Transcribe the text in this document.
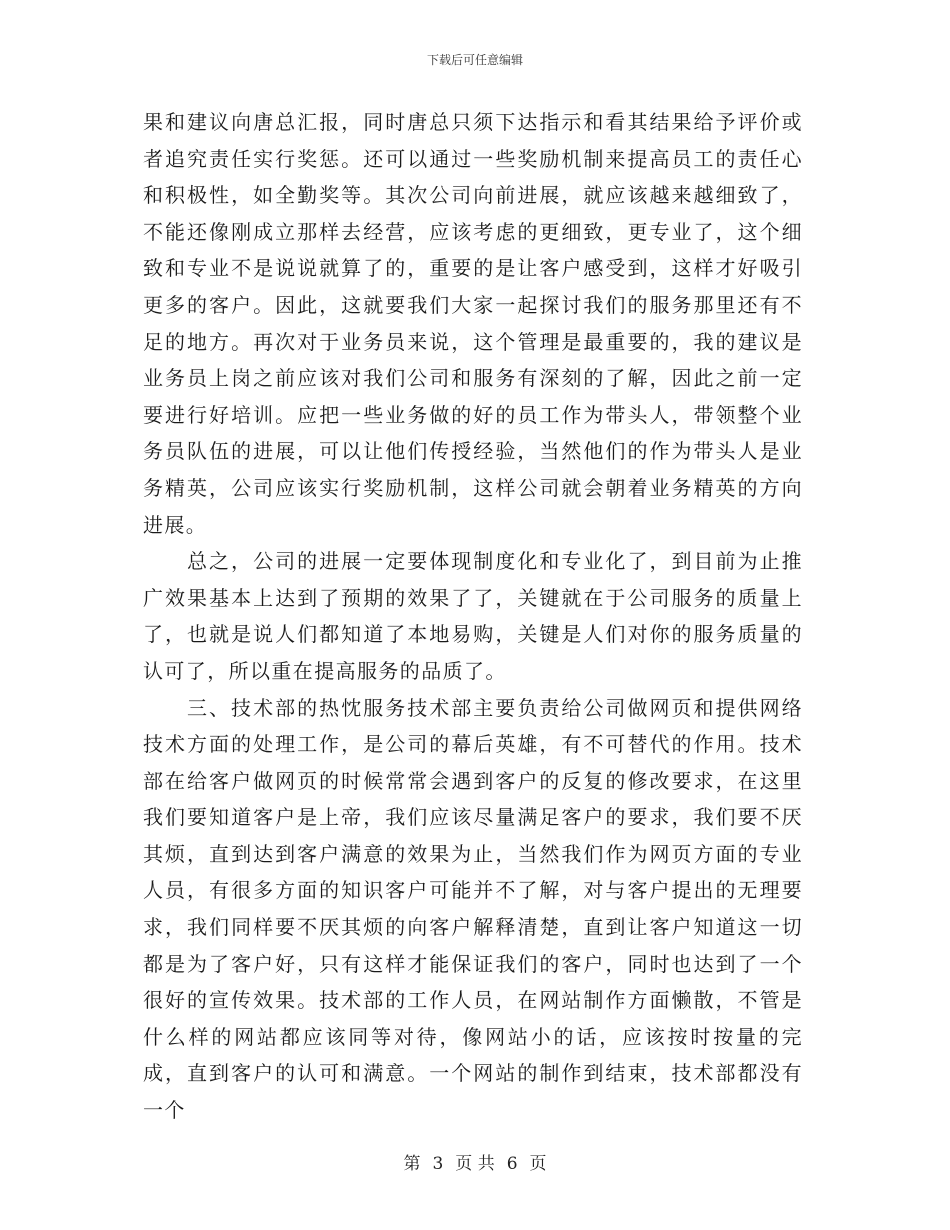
下载后可任意编辑

果和建议向唐总汇报，同时唐总只须下达指示和看其结果给予评价或者追究责任实行奖惩。还可以通过一些奖励机制来提高员工的责任心和积极性，如全勤奖等。其次公司向前进展，就应该越来越细致了，不能还像刚成立那样去经营，应该考虑的更细致，更专业了，这个细致和专业不是说说就算了的，重要的是让客户感受到，这样才好吸引更多的客户。因此，这就要我们大家一起探讨我们的服务那里还有不足的地方。再次对于业务员来说，这个管理是最重要的，我的建议是业务员上岗之前应该对我们公司和服务有深刻的了解，因此之前一定要进行好培训。应把一些业务做的好的员工作为带头人，带领整个业务员队伍的进展，可以让他们传授经验，当然他们的作为带头人是业务精英，公司应该实行奖励机制，这样公司就会朝着业务精英的方向进展。

总之，公司的进展一定要体现制度化和专业化了，到目前为止推广效果基本上达到了预期的效果了了，关键就在于公司服务的质量上了，也就是说人们都知道了本地易购，关键是人们对你的服务质量的认可了，所以重在提高服务的品质了。

三、技术部的热忱服务技术部主要负责给公司做网页和提供网络技术方面的处理工作，是公司的幕后英雄，有不可替代的作用。技术部在给客户做网页的时候常常会遇到客户的反复的修改要求，在这里我们要知道客户是上帝，我们应该尽量满足客户的要求，我们要不厌其烦，直到达到客户满意的效果为止，当然我们作为网页方面的专业人员，有很多方面的知识客户可能并不了解，对与客户提出的无理要求，我们同样要不厌其烦的向客户解释清楚，直到让客户知道这一切都是为了客户好，只有这样才能保证我们的客户，同时也达到了一个很好的宣传效果。技术部的工作人员，在网站制作方面懒散，不管是什么样的网站都应该同等对待，像网站小的话，应该按时按量的完成，直到客户的认可和满意。一个网站的制作到结束，技术部都没有一个

第 3 页 共 6 页
